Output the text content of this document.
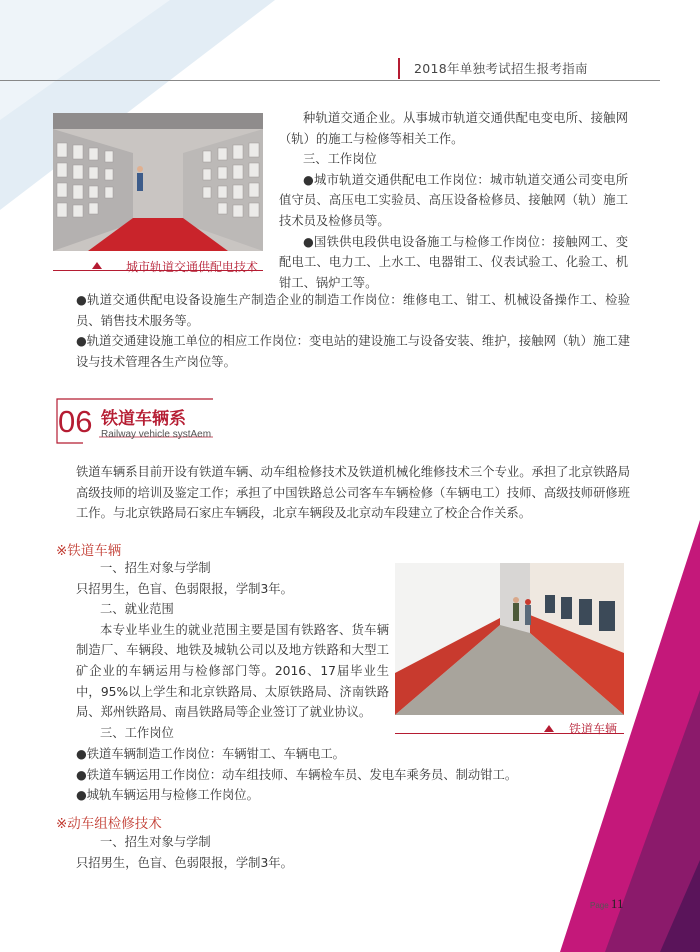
2018年单独考试招生报考指南
城市轨道交通供配电技术

种轨道交通企业。从事城市轨道交通供配电变电所、接触网（轨）的施工与检修等相关工作。

三、工作岗位

●城市轨道交通供配电工作岗位：城市轨道交通公司变电所值守员、高压电工实验员、高压设备检修员、接触网（轨）施工技术员及检修员等。

●国铁供电段供电设备施工与检修工作岗位：接触网工、变配电工、电力工、上水工、电器钳工、仪表试验工、化验工、机钳工、锅炉工等。

●轨道交通供配电设备设施生产制造企业的制造工作岗位：维修电工、钳工、机械设备操作工、检验员、销售技术服务等。

●轨道交通建设施工单位的相应工作岗位：变电站的建设施工与设备安装、维护，接触网（轨）施工建设与技术管理各生产岗位等。

06 铁道车辆系
Railway vehicle systAem

铁道车辆系目前开设有铁道车辆、动车组检修技术及铁道机械化维修技术三个专业。承担了北京铁路局高级技师的培训及鉴定工作；承担了中国铁路总公司客车车辆检修（车辆电工）技师、高级技师研修班工作。与北京铁路局石家庄车辆段，北京车辆段及北京动车段建立了校企合作关系。

※铁道车辆

一、招生对象与学制

只招男生，色盲、色弱限报，学制3年。

二、就业范围

本专业毕业生的就业范围主要是国有铁路客、货车辆制造厂、车辆段、地铁及城轨公司以及地方铁路和大型工矿企业的车辆运用与检修部门等。2016、17届毕业生中，95%以上学生和北京铁路局、太原铁路局、济南铁路局、郑州铁路局、南昌铁路局等企业签订了就业协议。

三、工作岗位

●铁道车辆制造工作岗位：车辆钳工、车辆电工。

●铁道车辆运用工作岗位：动车组技师、车辆检车员、发电车乘务员、制动钳工。

●城轨车辆运用与检修工作岗位。

铁道车辆
※动车组检修技术

一、招生对象与学制

只招男生，色盲、色弱限报，学制3年。

Page 11
